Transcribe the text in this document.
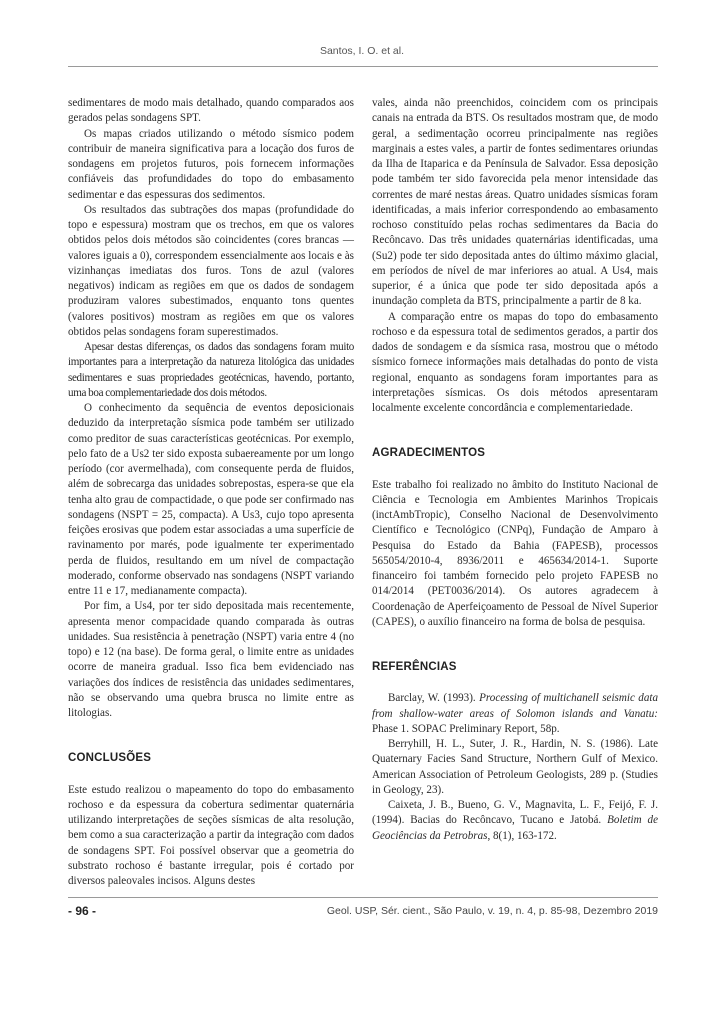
Santos, I. O. et al.

sedimentares de modo mais detalhado, quando comparados aos gerados pelas sondagens SPT.

Os mapas criados utilizando o método sísmico podem contribuir de maneira significativa para a locação dos furos de sondagens em projetos futuros, pois fornecem informações confiáveis das profundidades do topo do embasamento sedimentar e das espessuras dos sedimentos.

Os resultados das subtrações dos mapas (profundidade do topo e espessura) mostram que os trechos, em que os valores obtidos pelos dois métodos são coincidentes (cores brancas — valores iguais a 0), correspondem essencialmente aos locais e às vizinhanças imediatas dos furos. Tons de azul (valores negativos) indicam as regiões em que os dados de sondagem produziram valores subestimados, enquanto tons quentes (valores positivos) mostram as regiões em que os valores obtidos pelas sondagens foram superestimados.

Apesar destas diferenças, os dados das sondagens foram muito importantes para a interpretação da natureza litológica das unidades sedimentares e suas propriedades geotécnicas, havendo, portanto, uma boa complementariedade dos dois métodos.

O conhecimento da sequência de eventos deposicionais deduzido da interpretação sísmica pode também ser utilizado como preditor de suas características geotécnicas. Por exemplo, pelo fato de a Us2 ter sido exposta subaereamente por um longo período (cor avermelhada), com consequente perda de fluidos, além de sobrecarga das unidades sobrepostas, espera-se que ela tenha alto grau de compactidade, o que pode ser confirmado nas sondagens (NSPT = 25, compacta). A Us3, cujo topo apresenta feições erosivas que podem estar associadas a uma superfície de ravinamento por marés, pode igualmente ter experimentado perda de fluidos, resultando em um nível de compactação moderado, conforme observado nas sondagens (NSPT variando entre 11 e 17, medianamente compacta).

Por fim, a Us4, por ter sido depositada mais recentemente, apresenta menor compacidade quando comparada às outras unidades. Sua resistência à penetração (NSPT) varia entre 4 (no topo) e 12 (na base). De forma geral, o limite entre as unidades ocorre de maneira gradual. Isso fica bem evidenciado nas variações dos índices de resistência das unidades sedimentares, não se observando uma quebra brusca no limite entre as litologias.

CONCLUSÕES

Este estudo realizou o mapeamento do topo do embasamento rochoso e da espessura da cobertura sedimentar quaternária utilizando interpretações de seções sísmicas de alta resolução, bem como a sua caracterização a partir da integração com dados de sondagens SPT. Foi possível observar que a geometria do substrato rochoso é bastante irregular, pois é cortado por diversos paleovales incisos. Alguns destes

vales, ainda não preenchidos, coincidem com os principais canais na entrada da BTS. Os resultados mostram que, de modo geral, a sedimentação ocorreu principalmente nas regiões marginais a estes vales, a partir de fontes sedimentares oriundas da Ilha de Itaparica e da Península de Salvador. Essa deposição pode também ter sido favorecida pela menor intensidade das correntes de maré nestas áreas. Quatro unidades sísmicas foram identificadas, a mais inferior correspondendo ao embasamento rochoso constituído pelas rochas sedimentares da Bacia do Recôncavo. Das três unidades quaternárias identificadas, uma (Su2) pode ter sido depositada antes do último máximo glacial, em períodos de nível de mar inferiores ao atual. A Us4, mais superior, é a única que pode ter sido depositada após a inundação completa da BTS, principalmente a partir de 8 ka.

A comparação entre os mapas do topo do embasamento rochoso e da espessura total de sedimentos gerados, a partir dos dados de sondagem e da sísmica rasa, mostrou que o método sísmico fornece informações mais detalhadas do ponto de vista regional, enquanto as sondagens foram importantes para as interpretações sísmicas. Os dois métodos apresentaram localmente excelente concordância e complementariedade.

AGRADECIMENTOS

Este trabalho foi realizado no âmbito do Instituto Nacional de Ciência e Tecnologia em Ambientes Marinhos Tropicais (inctAmbTropic), Conselho Nacional de Desenvolvimento Científico e Tecnológico (CNPq), Fundação de Amparo à Pesquisa do Estado da Bahia (FAPESB), processos 565054/2010-4, 8936/2011 e 465634/2014-1. Suporte financeiro foi também fornecido pelo projeto FAPESB no 014/2014 (PET0036/2014). Os autores agradecem à Coordenação de Aperfeiçoamento de Pessoal de Nível Superior (CAPES), o auxílio financeiro na forma de bolsa de pesquisa.

REFERÊNCIAS

Barclay, W. (1993). Processing of multichanell seismic data from shallow-water areas of Solomon islands and Vanatu: Phase 1. SOPAC Preliminary Report, 58p.

Berryhill, H. L., Suter, J. R., Hardin, N. S. (1986). Late Quaternary Facies Sand Structure, Northern Gulf of Mexico. American Association of Petroleum Geologists, 289 p. (Studies in Geology, 23).

Caixeta, J. B., Bueno, G. V., Magnavita, L. F., Feijó, F. J. (1994). Bacias do Recôncavo, Tucano e Jatobá. Boletim de Geociências da Petrobras, 8(1), 163-172.

- 96 -	Geol. USP, Sér. cient., São Paulo, v. 19, n. 4, p. 85-98, Dezembro 2019
